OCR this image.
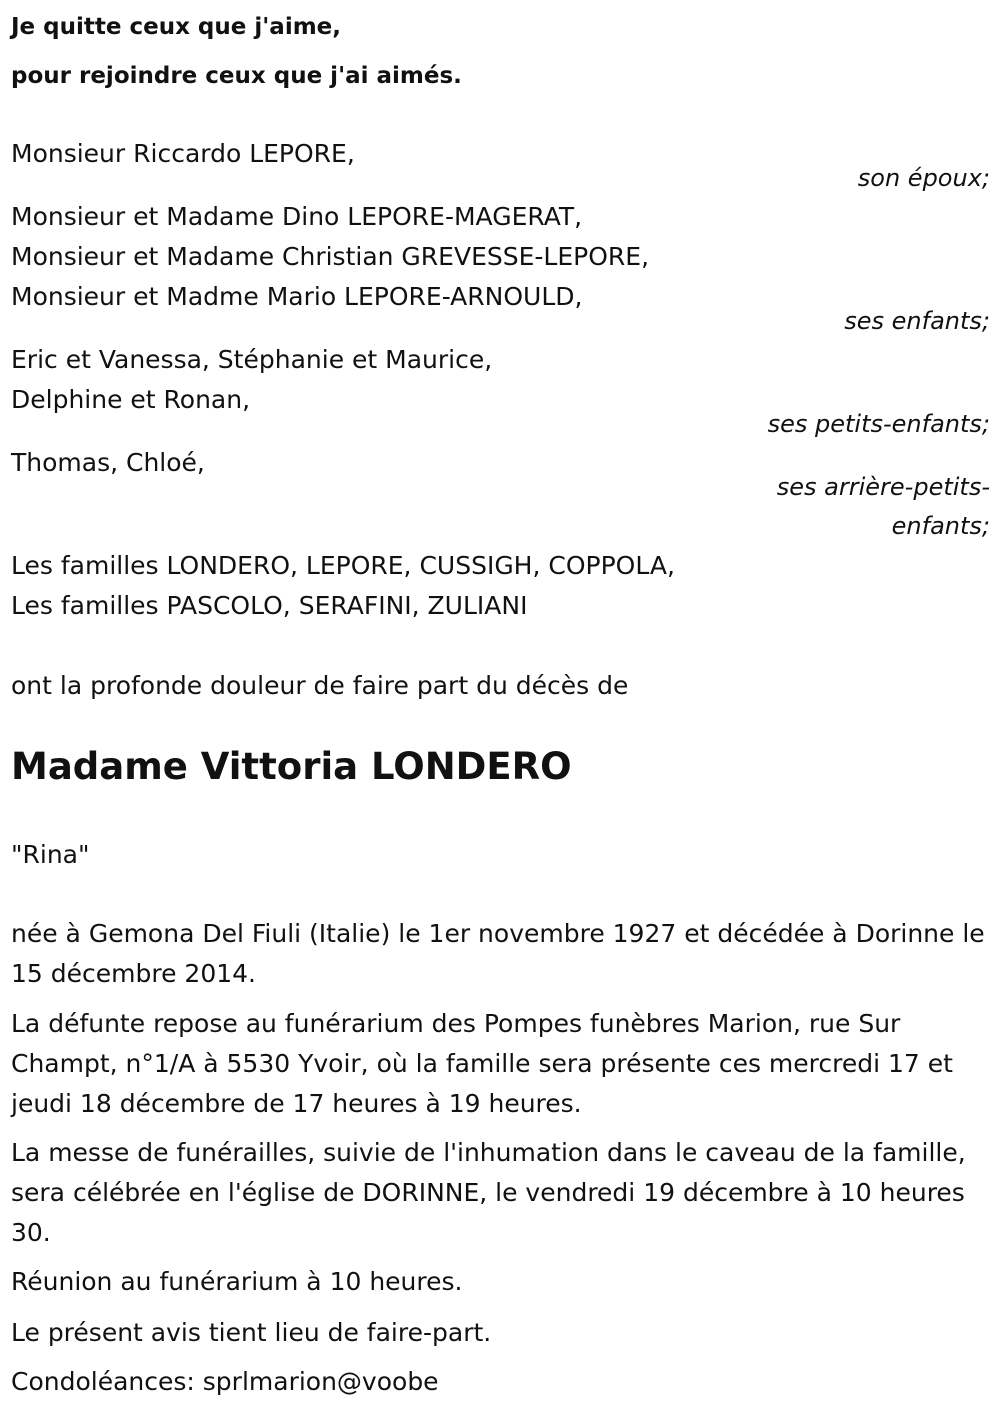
Je quitte ceux que j'aime,
pour rejoindre ceux que j'ai aimés.
Monsieur Riccardo LEPORE,
son époux;
Monsieur et Madame Dino LEPORE-MAGERAT,
Monsieur et Madame Christian GREVESSE-LEPORE,
Monsieur et Madme Mario LEPORE-ARNOULD,
ses enfants;
Eric et Vanessa, Stéphanie et Maurice,
Delphine et Ronan,
ses petits-enfants;
Thomas, Chloé,
ses arrière-petits-
enfants;
Les familles LONDERO, LEPORE, CUSSIGH, COPPOLA,
Les familles PASCOLO, SERAFINI, ZULIANI
ont la profonde douleur de faire part du décès de
Madame Vittoria LONDERO
"Rina"
née à Gemona Del Fiuli (Italie) le 1er novembre 1927 et décédée à Dorinne le 15 décembre 2014.
La défunte repose au funérarium des Pompes funèbres Marion, rue Sur Champt, n°1/A à 5530 Yvoir, où la famille sera présente ces mercredi 17 et jeudi 18 décembre de 17 heures à 19 heures.
La messe de funérailles, suivie de l'inhumation dans le caveau de la famille, sera célébrée en l'église de DORINNE, le vendredi 19 décembre à 10 heures 30.
Réunion au funérarium à 10 heures.
Le présent avis tient lieu de faire-part.
Condoléances: sprlmarion@voobe
